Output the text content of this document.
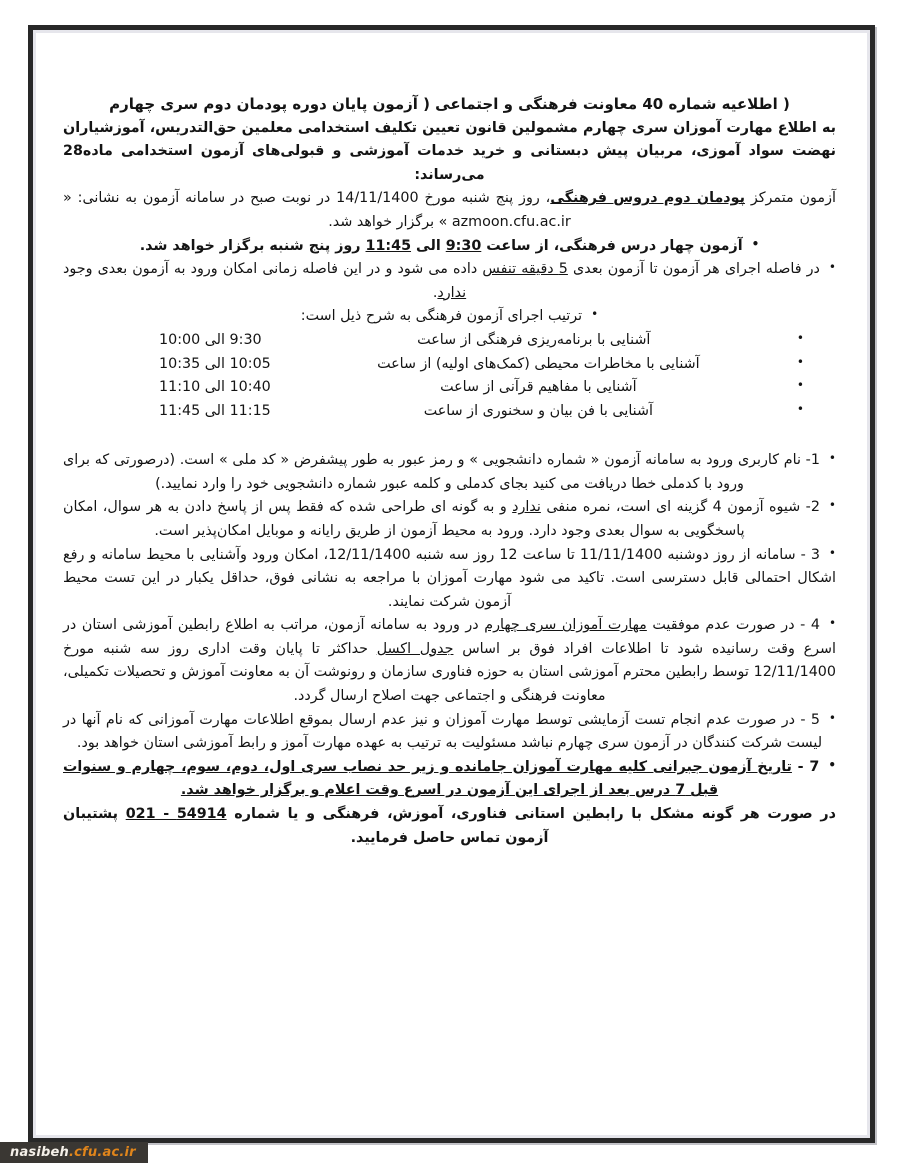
( اطلاعیه شماره 40 معاونت فرهنگی و اجتماعی ( آزمون پایان دوره پودمان دوم سری چهارم

به اطلاع مهارت آموزان سری چهارم مشمولین قانون تعیین تکلیف استخدامی معلمین حق‌التدریس، آموزشیاران نهضت سواد آموزی، مربیان پیش دبستانی و خرید خدمات آموزشی و قبولی‌های آزمون استخدامی ماده28 می‌رساند:

آزمون متمرکز پودمان دوم دروس فرهنگی، روز پنج شنبه مورخ 14/11/1400 در نوبت صبح در سامانه آزمون به نشانی: « azmoon.cfu.ac.ir » برگزار خواهد شد.

• آزمون چهار درس فرهنگی، از ساعت 9:30 الی 11:45 روز پنج شنبه برگزار خواهد شد.
• در فاصله اجرای هر آزمون تا آزمون بعدی 5 دقیقه تنفس داده می شود و در این فاصله زمانی امکان ورود به آزمون بعدی وجود ندارد.

• ترتیب اجرای آزمون فرهنگی به شرح ذیل است:

• آشنایی با برنامه‌ریزی فرهنگی از ساعت
9:30 الی 10:00
• آشنایی با مخاطرات محیطی (کمک‌های اولیه) از ساعت
10:05 الی 10:35
• آشنایی با مفاهیم قرآنی از ساعت
10:40 الی 11:10
• آشنایی با فن بیان و سخنوری از ساعت
11:15 الی 11:45
• 1- نام کاربری ورود به سامانه آزمون « شماره دانشجویی » و رمز عبور به طور پیشفرض « کد ملی » است. (درصورتی که برای ورود با کدملی خطا دریافت می کنید بجای کدملی و کلمه عبور شماره دانشجویی خود را وارد نمایید.)
• 2- شیوه آزمون 4 گزینه ای است، نمره منفی ندارد و به گونه ای طراحی شده که فقط پس از پاسخ دادن به هر سوال، امکان پاسخگویی به سوال بعدی وجود دارد. ورود به محیط آزمون از طریق رایانه و موبایل امکان‌پذیر است.
• 3 - سامانه از روز دوشنبه 11/11/1400 تا ساعت 12 روز سه شنبه 12/11/1400، امکان ورود وآشنایی با محیط سامانه و رفع اشکال احتمالی قابل دسترسی است. تاکید می شود مهارت آموزان با مراجعه به نشانی فوق، حداقل یکبار در این تست محیط آزمون شرکت نمایند.
• 4 - در صورت عدم موفقیت مهارت آموزان سری چهارم در ورود به سامانه آزمون، مراتب به اطلاع رابطین آموزشی استان در اسرع وقت رسانیده شود تا اطلاعات افراد فوق بر اساس جدول اکسل حداکثر تا پایان وقت اداری روز سه شنبه مورخ 12/11/1400 توسط رابطین محترم آموزشی استان به حوزه فناوری سازمان و رونوشت آن به معاونت آموزش و تحصیلات تکمیلی، معاونت فرهنگی و اجتماعی جهت اصلاح ارسال گردد.
• 5 - در صورت عدم انجام تست آزمایشی توسط مهارت آموزان و نیز عدم ارسال بموقع اطلاعات مهارت آموزانی که نام آنها در لیست شرکت کنندگان در آزمون سری چهارم نباشد مسئولیت به ترتیب به عهده مهارت آموز و رابط آموزشی استان خواهد بود.
• 7 - تاریخ آزمون جبرانی کلیه مهارت آموزان جامانده و زیر حد نصاب سری اول، دوم، سوم، چهارم و سنوات قبل 7 درس بعد از اجرای این آزمون در اسرع وقت اعلام و برگزار خواهد شد.

در صورت هر گونه مشکل با رابطین استانی فناوری، آموزش، فرهنگی و یا شماره 54914 - 021 پشتیبان آزمون تماس حاصل فرمایید.

nasibeh .cfu.ac.ir
